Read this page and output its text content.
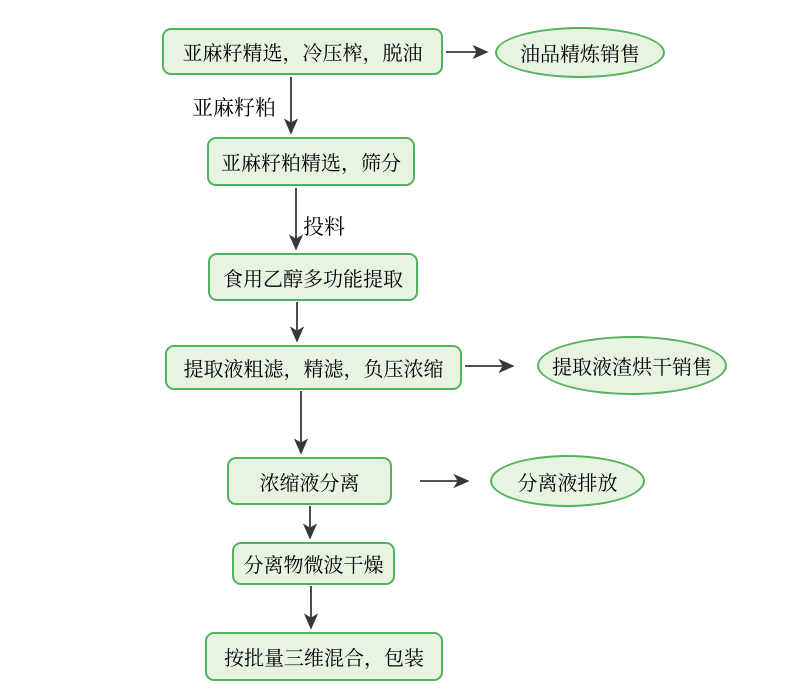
亚麻籽精选，冷压榨，脱油	油品精炼销售
亚麻籽粕
亚麻籽粕精选，筛分
投料
食用乙醇多功能提取
提取液粗滤，精滤，负压浓缩	提取液渣烘干销售
浓缩液分离	分离液排放
分离物微波干燥
按批量三维混合，包装
